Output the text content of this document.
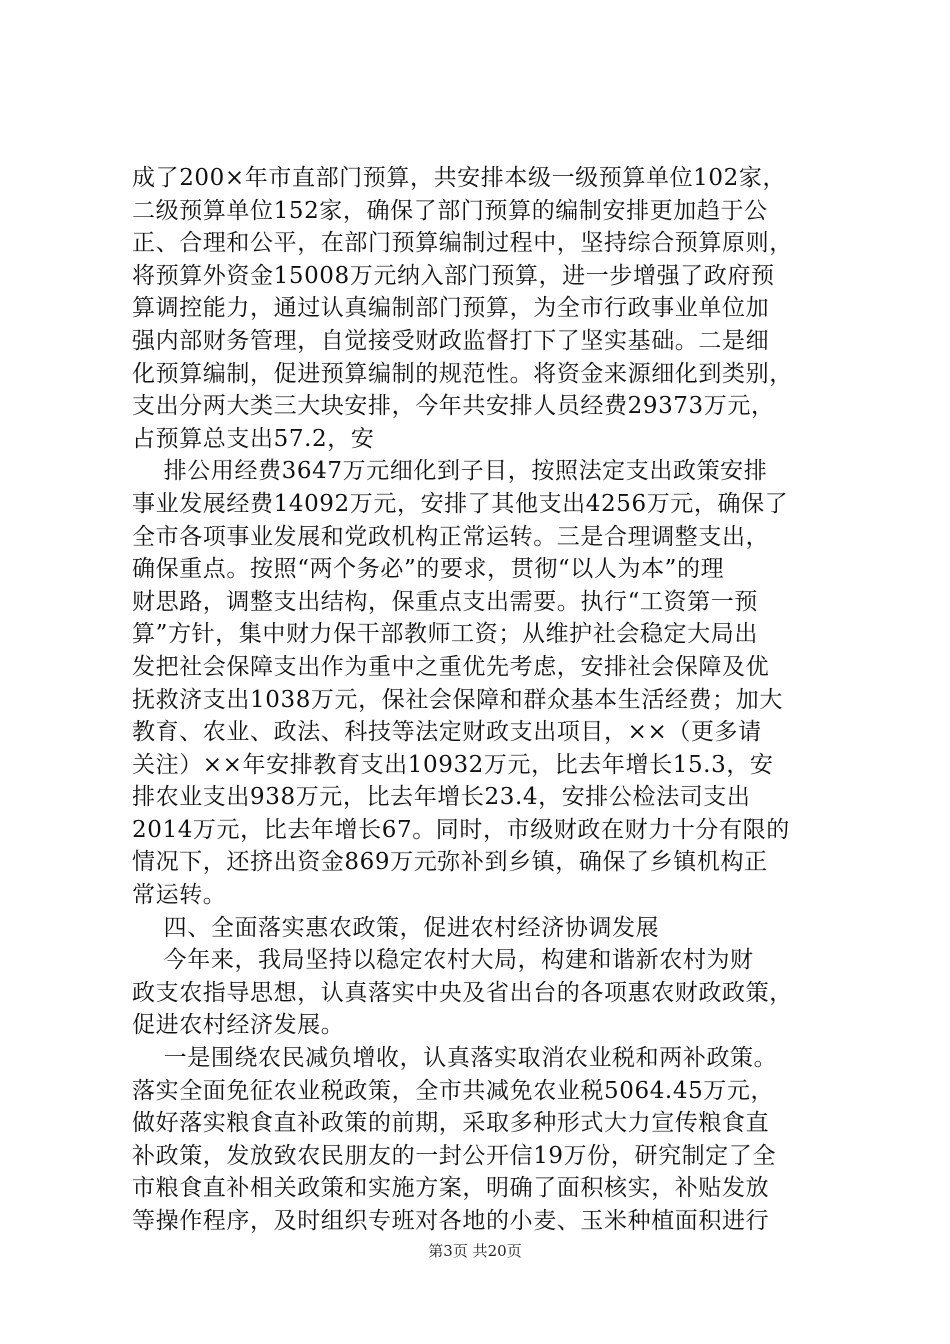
成了200×年市直部门预算，共安排本级一级预算单位102家，
二级预算单位152家，确保了部门预算的编制安排更加趋于公
正、合理和公平，在部门预算编制过程中，坚持综合预算原则，
将预算外资金15008万元纳入部门预算，进一步增强了政府预
算调控能力，通过认真编制部门预算，为全市行政事业单位加
强内部财务管理，自觉接受财政监督打下了坚实基础。二是细
化预算编制，促进预算编制的规范性。将资金来源细化到类别，
支出分两大类三大块安排，今年共安排人员经费29373万元，
占预算总支出57.2，安
排公用经费3647万元细化到子目，按照法定支出政策安排
事业发展经费14092万元，安排了其他支出4256万元，确保了
全市各项事业发展和党政机构正常运转。三是合理调整支出，
确保重点。按照“两个务必”的要求，贯彻“以人为本”的理
财思路，调整支出结构，保重点支出需要。执行“工资第一预
算”方针，集中财力保干部教师工资；从维护社会稳定大局出
发把社会保障支出作为重中之重优先考虑，安排社会保障及优
抚救济支出1038万元，保社会保障和群众基本生活经费；加大
教育、农业、政法、科技等法定财政支出项目，××（更多请
关注）××年安排教育支出10932万元，比去年增长15.3，安
排农业支出938万元，比去年增长23.4，安排公检法司支出
2014万元，比去年增长67。同时，市级财政在财力十分有限的
情况下，还挤出资金869万元弥补到乡镇，确保了乡镇机构正
常运转。
四、全面落实惠农政策，促进农村经济协调发展
今年来，我局坚持以稳定农村大局，构建和谐新农村为财
政支农指导思想，认真落实中央及省出台的各项惠农财政政策，
促进农村经济发展。
一是围绕农民减负增收，认真落实取消农业税和两补政策。
落实全面免征农业税政策，全市共减免农业税5064.45万元，
做好落实粮食直补政策的前期，采取多种形式大力宣传粮食直
补政策，发放致农民朋友的一封公开信19万份，研究制定了全
市粮食直补相关政策和实施方案，明确了面积核实，补贴发放
等操作程序，及时组织专班对各地的小麦、玉米种植面积进行
第3页 共20页
